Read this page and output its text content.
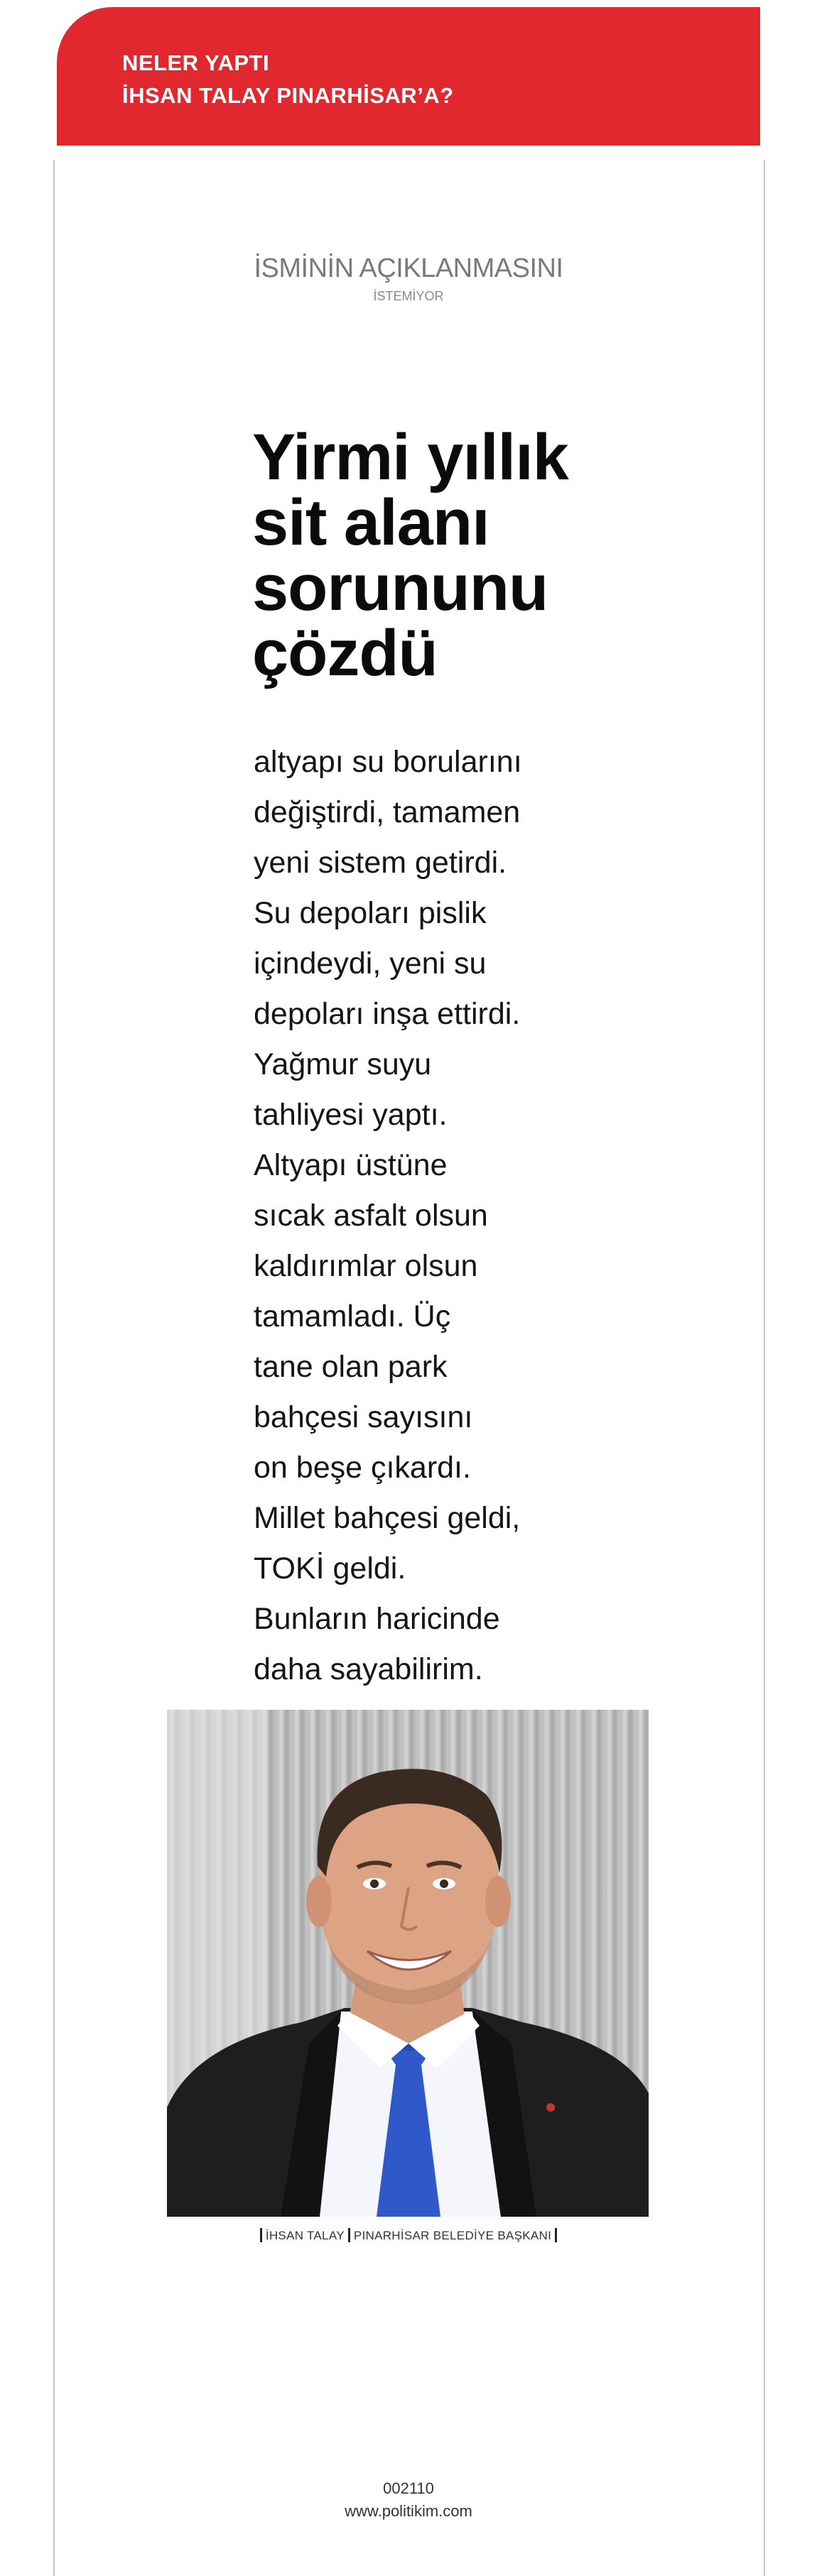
NELER YAPTI
İHSAN TALAY PINARHİSAR’A?
İSMİNİN AÇIKLANMASINI
İSTEMİYOR
Yirmi yıllık
sit alanı
sorununu
çözdü
altyapı su borularını
değiştirdi, tamamen
yeni sistem getirdi.
Su depoları pislik
içindeydi, yeni su
depoları inşa ettirdi.
Yağmur suyu
tahliyesi yaptı.
Altyapı üstüne
sıcak asfalt olsun
kaldırımlar olsun
tamamladı. Üç
tane olan park
bahçesi sayısını
on beşe çıkardı.
Millet bahçesi geldi,
TOKİ geldi.
Bunların haricinde
daha sayabilirim.
İHSAN TALAY PINARHİSAR BELEDİYE BAŞKANI
002110
www.politikim.com
